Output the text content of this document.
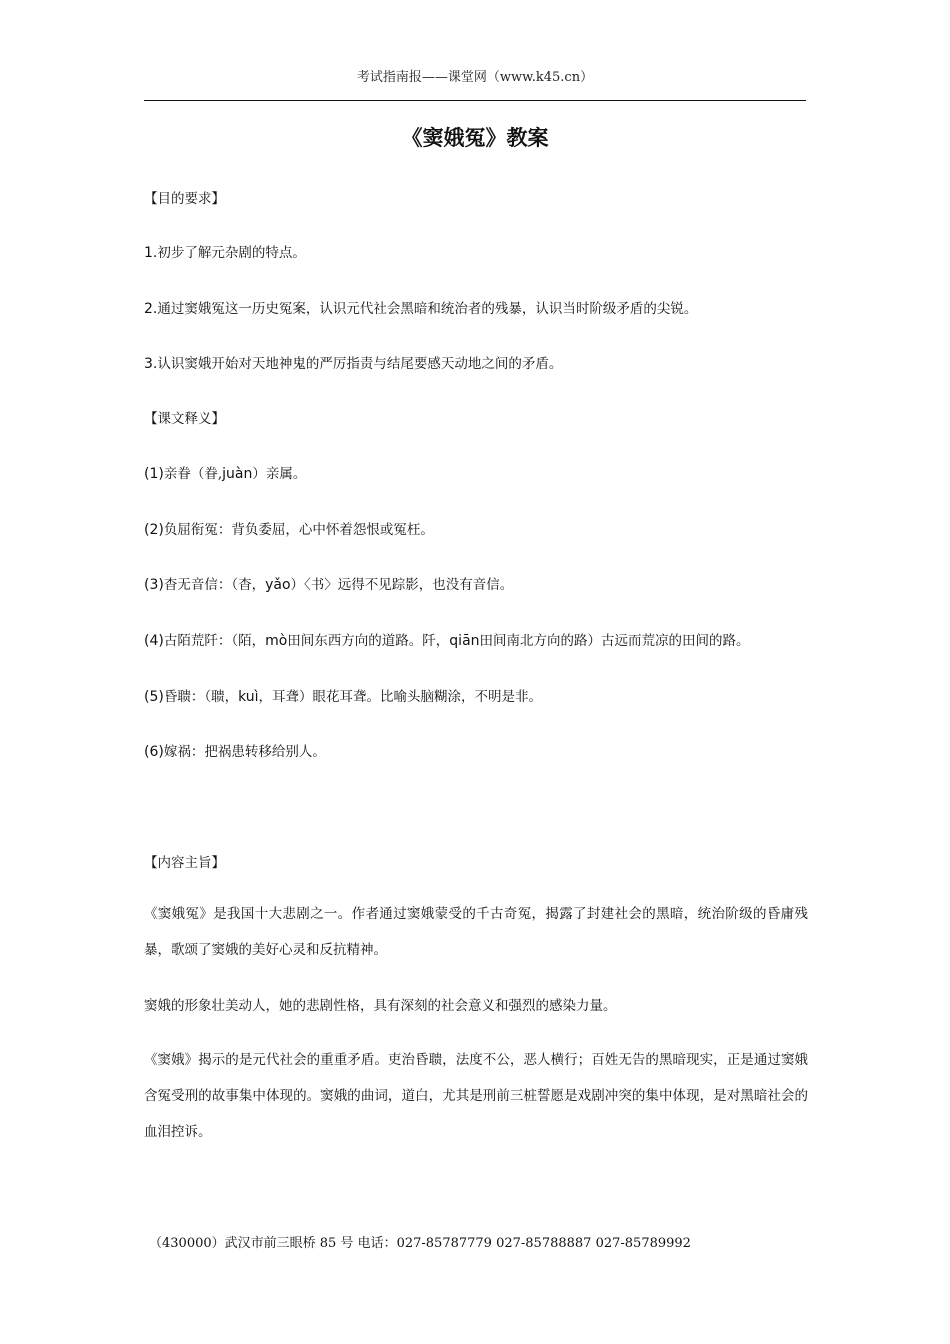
考试指南报——课堂网（www.k45.cn）
《窦娥冤》教案
【目的要求】
1.初步了解元杂剧的特点。
2.通过窦娥冤这一历史冤案，认识元代社会黑暗和统治者的残暴，认识当时阶级矛盾的尖锐。
3.认识窦娥开始对天地神鬼的严厉指责与结尾要感天动地之间的矛盾。
【课文释义】
(1)亲眷（眷,juàn）亲属。
(2)负屈衔冤：背负委屈，心中怀着怨恨或冤枉。
(3)杳无音信：（杳，yǎo）〈书〉远得不见踪影，也没有音信。
(4)古陌荒阡：（陌，mò田间东西方向的道路。阡，qiān田间南北方向的路）古远而荒凉的田间的路。
(5)昏聩：（聩，kuì，耳聋）眼花耳聋。比喻头脑糊涂，不明是非。
(6)嫁祸：把祸患转移给别人。
【内容主旨】
《窦娥冤》是我国十大悲剧之一。作者通过窦娥蒙受的千古奇冤，揭露了封建社会的黑暗，统治阶级的昏庸残暴，歌颂了窦娥的美好心灵和反抗精神。
窦娥的形象壮美动人，她的悲剧性格，具有深刻的社会意义和强烈的感染力量。
《窦娥》揭示的是元代社会的重重矛盾。吏治昏聩，法度不公，恶人横行；百姓无告的黑暗现实，正是通过窦娥含冤受刑的故事集中体现的。窦娥的曲词，道白，尤其是刑前三桩誓愿是戏剧冲突的集中体现，是对黑暗社会的血泪控诉。
（430000）武汉市前三眼桥 85 号 电话：027-85787779 027-85788887 027-85789992
